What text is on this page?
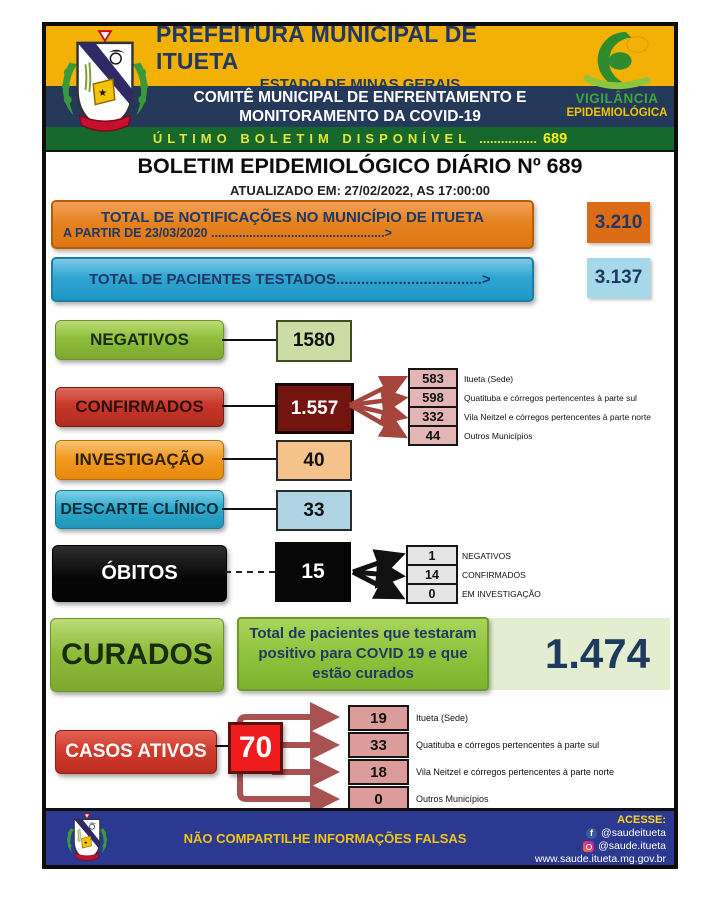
PREFEITURA MUNICIPAL DE ITUETA
ESTADO DE MINAS GERAIS
COMITÊ MUNICIPAL DE ENFRENTAMENTO E
MONITORAMENTO DA COVID-19
VIGILÂNCIA
EPIDEMIOLÓGICA
ÚLTIMO BOLETIM DISPONÍVEL ................ 689
BOLETIM EPIDEMIOLÓGICO DIÁRIO Nº 689
ATUALIZADO EM: 27/02/2022, AS 17:00:00
TOTAL DE NOTIFICAÇÕES NO MUNICÍPIO DE ITUETA
A PARTIR DE 23/03/2020 ..................................................>
3.210
TOTAL DE PACIENTES TESTADOS...................................>	3.137
NEGATIVOS	1580
CONFIRMADOS	1.557
583	Itueta (Sede)
598	Quatituba e córregos pertencentes à parte sul
332	Vila Neitzel e córregos pertencentes à parte norte
44	Outros Municípios
INVESTIGAÇÃO	40
DESCARTE CLÍNICO	33
ÓBITOS	15
1	NEGATIVOS
14	CONFIRMADOS
0	EM INVESTIGAÇÃO
1.474
CURADOS
Total de pacientes que testaram positivo para COVID 19 e que estão curados
CASOS ATIVOS	70
19	Itueta (Sede)
33	Quatituba e córregos pertencentes à parte sul
18	Vila Neitzel e córregos pertencentes à parte norte
0	Outros Municípios
NÃO COMPARTILHE INFORMAÇÕES FALSAS
ACESSE:
f @saudeitueta
@saude.itueta
www.saude.itueta.mg.gov.br
